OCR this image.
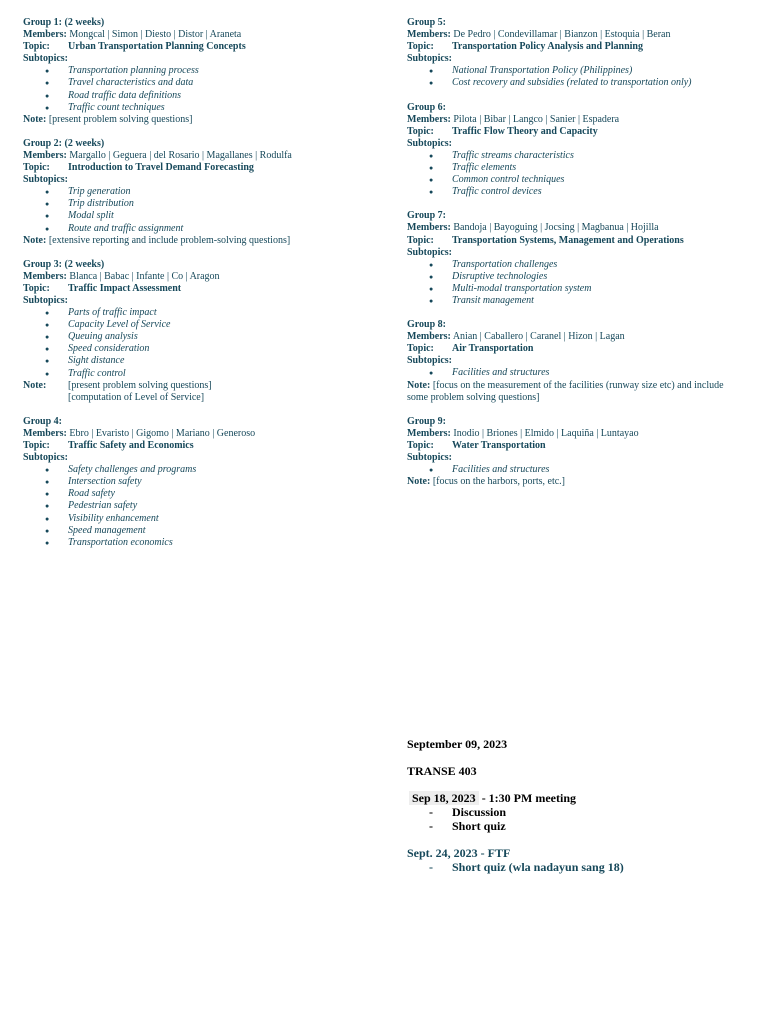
Group 1: (2 weeks)
Members: Mongcal | Simon | Diesto | Distor | Araneta
Topic: Urban Transportation Planning Concepts
Subtopics:
● Transportation planning process
● Travel characteristics and data
● Road traffic data definitions
● Traffic count techniques
Note: [present problem solving questions]
Group 2: (2 weeks)
Members: Margallo | Geguera | del Rosario | Magallanes | Rodulfa
Topic: Introduction to Travel Demand Forecasting
Subtopics:
● Trip generation
● Trip distribution
● Modal split
● Route and traffic assignment
Note: [extensive reporting and include problem-solving questions]
Group 3: (2 weeks)
Members: Blanca | Babac | Infante | Co | Aragon
Topic: Traffic Impact Assessment
Subtopics:
● Parts of traffic impact
● Capacity Level of Service
● Queuing analysis
● Speed consideration
● Sight distance
● Traffic control
Note: [present problem solving questions]
[computation of Level of Service]
Group 4:
Members: Ebro | Evaristo | Gigomo | Mariano | Generoso
Topic: Traffic Safety and Economics
Subtopics:
● Safety challenges and programs
● Intersection safety
● Road safety
● Pedestrian safety
● Visibility enhancement
● Speed management
● Transportation economics
Group 5:
Members: De Pedro | Condevillamar | Bianzon | Estoquia | Beran
Topic: Transportation Policy Analysis and Planning
Subtopics:
● National Transportation Policy (Philippines)
● Cost recovery and subsidies (related to transportation only)
Group 6:
Members: Pilota | Bibar | Langco | Sanier | Espadera
Topic: Traffic Flow Theory and Capacity
Subtopics:
● Traffic streams characteristics
● Traffic elements
● Common control techniques
● Traffic control devices
Group 7:
Members: Bandoja | Bayoguing | Jocsing | Magbanua | Hojilla
Topic: Transportation Systems, Management and Operations
Subtopics:
● Transportation challenges
● Disruptive technologies
● Multi-modal transportation system
● Transit management
Group 8:
Members: Anian | Caballero | Caranel | Hizon | Lagan
Topic: Air Transportation
Subtopics:
● Facilities and structures
Note: [focus on the measurement of the facilities (runway size etc) and include some problem solving questions]
Group 9:
Members: Inodio | Briones | Elmido | Laquiña | Luntayao
Topic: Water Transportation
Subtopics:
● Facilities and structures
Note: [focus on the harbors, ports, etc.]
September 09, 2023
TRANSE 403
Sep 18, 2023 - 1:30 PM meeting
- Discussion
- Short quiz
Sept. 24, 2023 - FTF
- Short quiz (wla nadayun sang 18)
